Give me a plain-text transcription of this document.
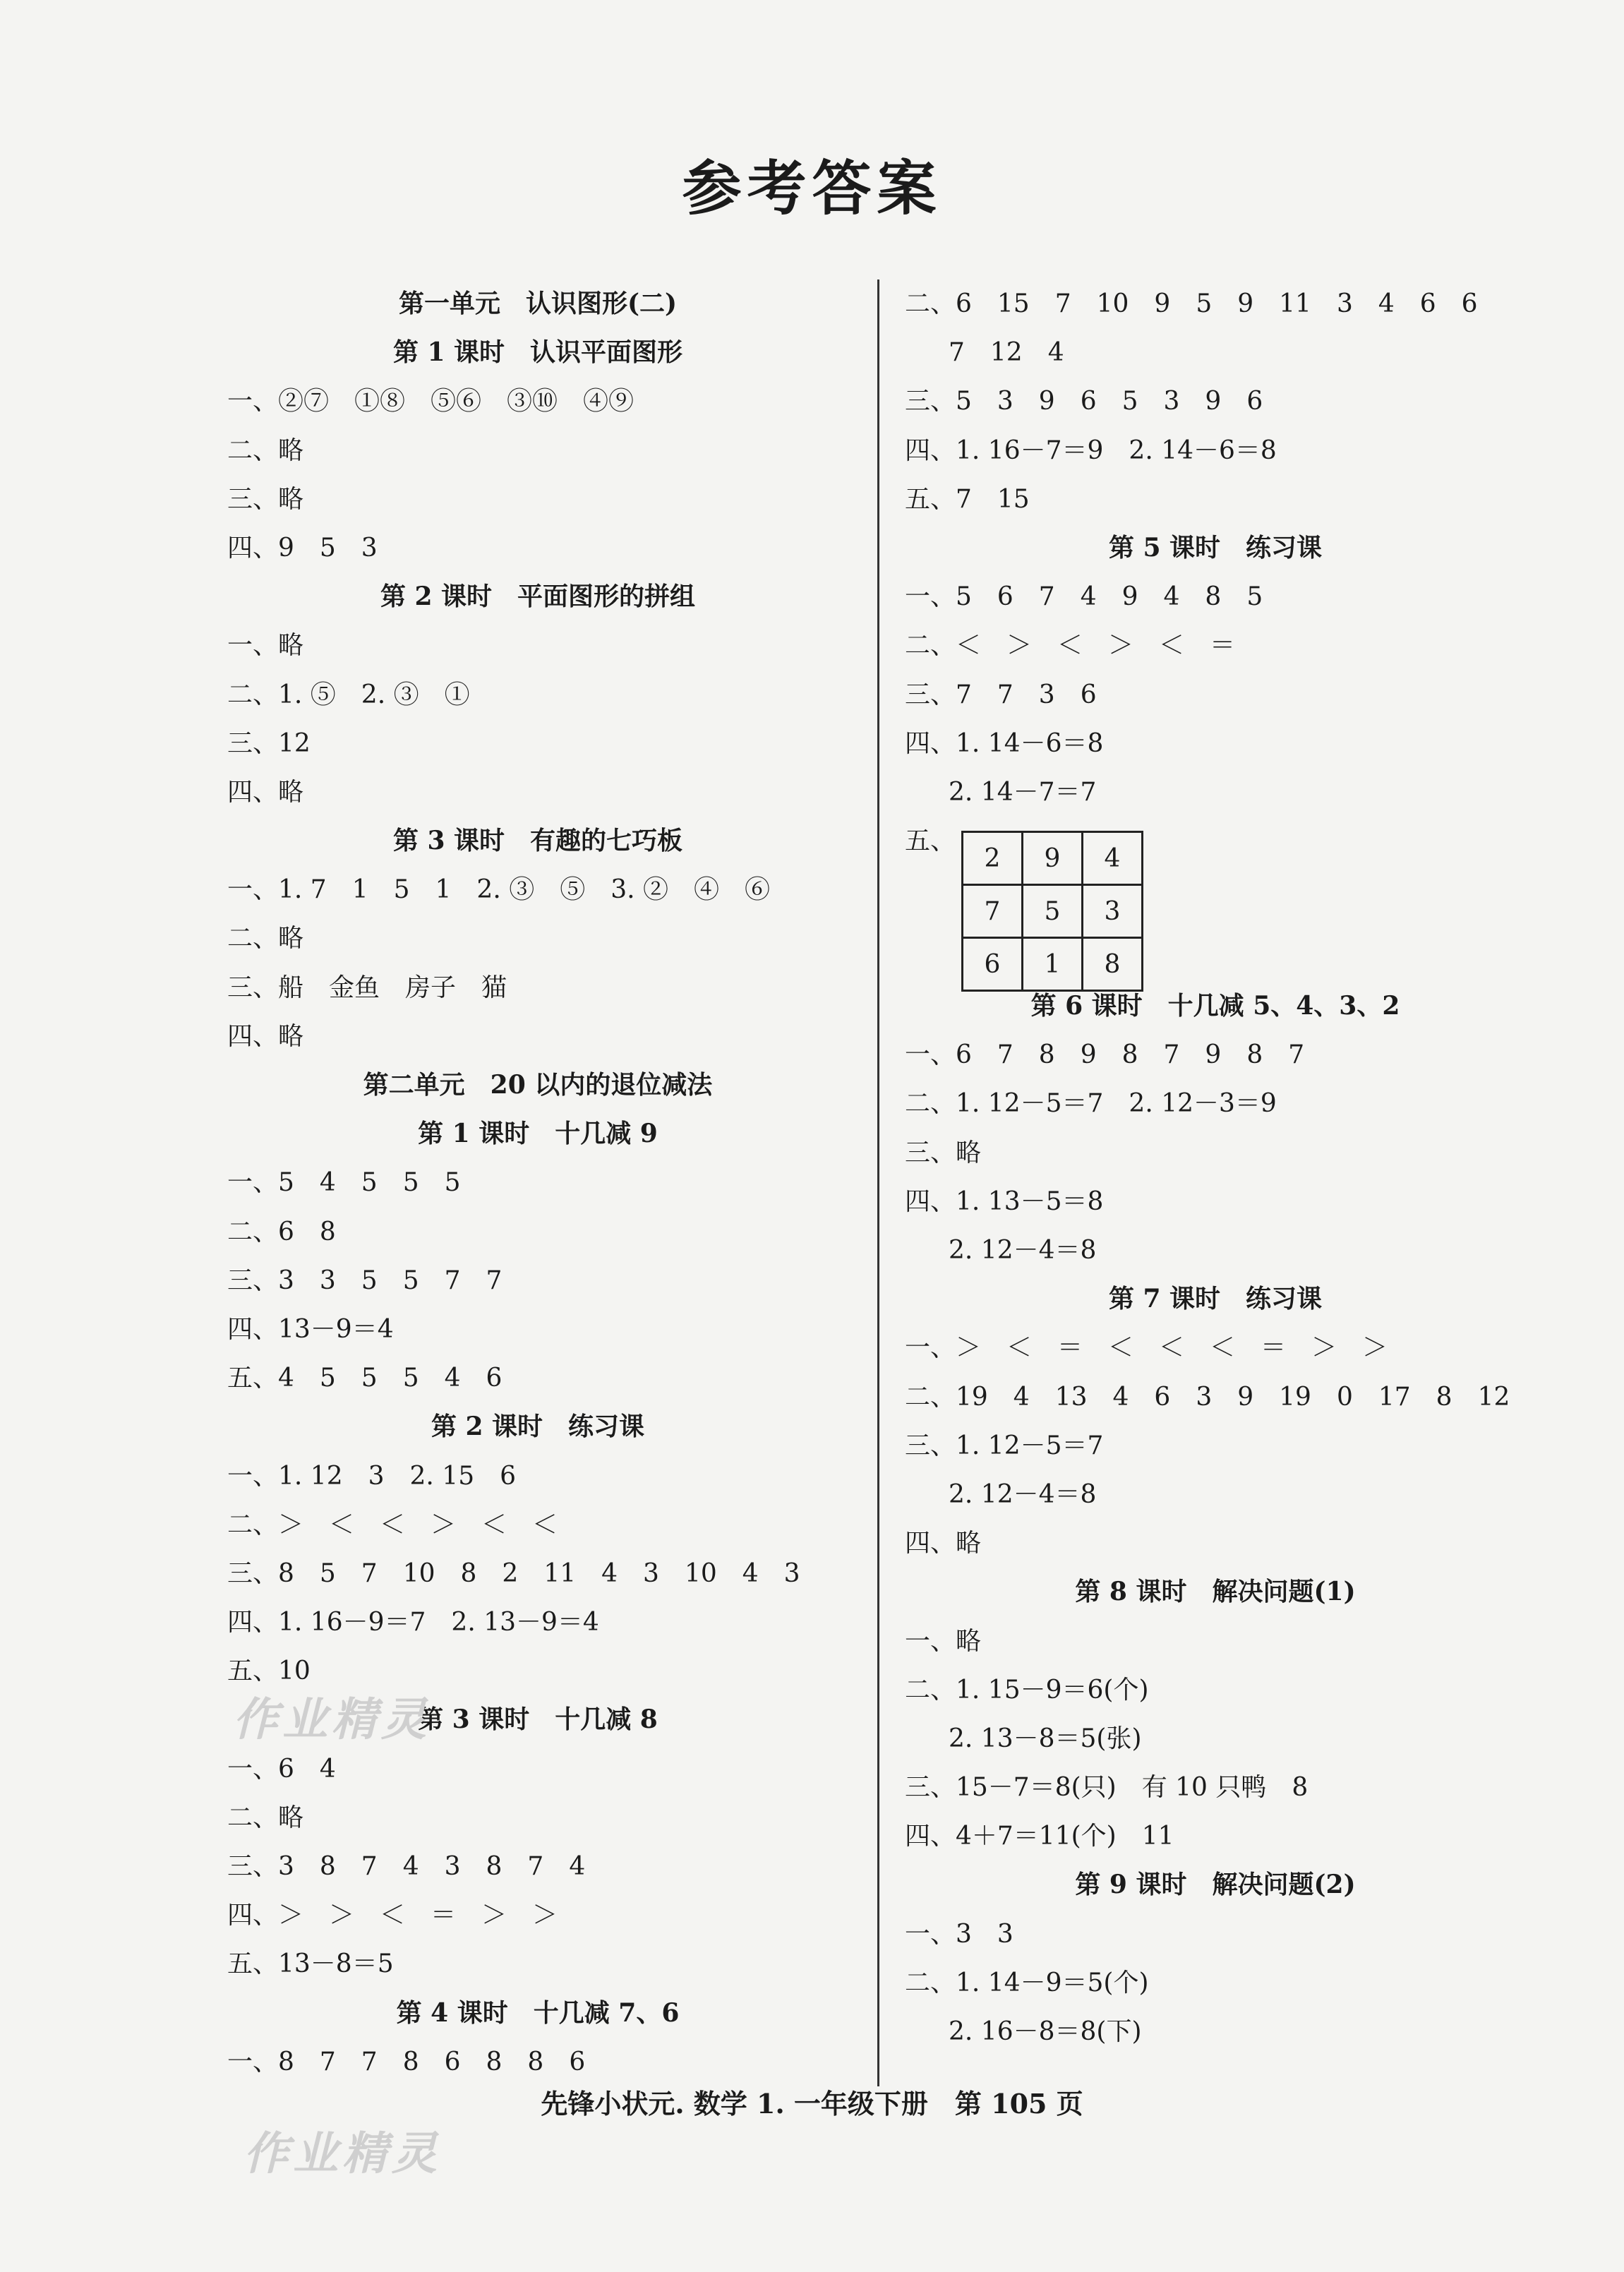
参考答案
第一单元　认识图形(二)
第 1 课时　认识平面图形
一、②⑦　①⑧　⑤⑥　③⑩　④⑨
二、略
三、略
四、9　5　3
第 2 课时　平面图形的拼组
一、略
二、1. ⑤　2. ③　①
三、12
四、略
第 3 课时　有趣的七巧板
一、1. 7　1　5　1　2. ③　⑤　3. ②　④　⑥
二、略
三、船　金鱼　房子　猫
四、略
第二单元　20 以内的退位减法
第 1 课时　十几减 9
一、5　4　5　5　5
二、6　8
三、3　3　5　5　7　7
四、13－9＝4
五、4　5　5　5　4　6
第 2 课时　练习课
一、1. 12　3　2. 15　6
二、＞　＜　＜　＞　＜　＜
三、8　5　7　10　8　2　11　4　3　10　4　3
四、1. 16－9＝7　2. 13－9＝4
五、10
第 3 课时　十几减 8
一、6　4
二、略
三、3　8　7　4　3　8　7　4
四、＞　＞　＜　＝　＞　＞
五、13－8＝5
第 4 课时　十几减 7、6
一、8　7　7　8　6　8　8　6
二、6　15　7　10　9　5　9　11　3　4　6　6
7　12　4
三、5　3　9　6　5　3　9　6
四、1. 16－7＝9　2. 14－6＝8
五、7　15
第 5 课时　练习课
一、5　6　7　4　9　4　8　5
二、＜　＞　＜　＞　＜　＝
三、7　7　3　6
四、1. 14－6＝8
2. 14－7＝7
五、
2	9	4
7	5	3
6	1	8
第 6 课时　十几减 5、4、3、2
一、6　7　8　9　8　7　9　8　7
二、1. 12－5＝7　2. 12－3＝9
三、略
四、1. 13－5＝8
2. 12－4＝8
第 7 课时　练习课
一、＞　＜　＝　＜　＜　＜　＝　＞　＞
二、19　4　13　4　6　3　9　19　0　17　8　12
三、1. 12－5＝7
2. 12－4＝8
四、略
第 8 课时　解决问题(1)
一、略
二、1. 15－9＝6(个)
2. 13－8＝5(张)
三、15－7＝8(只)　有 10 只鸭　8
四、4＋7＝11(个)　11
第 9 课时　解决问题(2)
一、3　3
二、1. 14－9＝5(个)
2. 16－8＝8(下)
先锋小状元. 数学 1. 一年级下册　第 105 页
作业精灵
作业精灵
